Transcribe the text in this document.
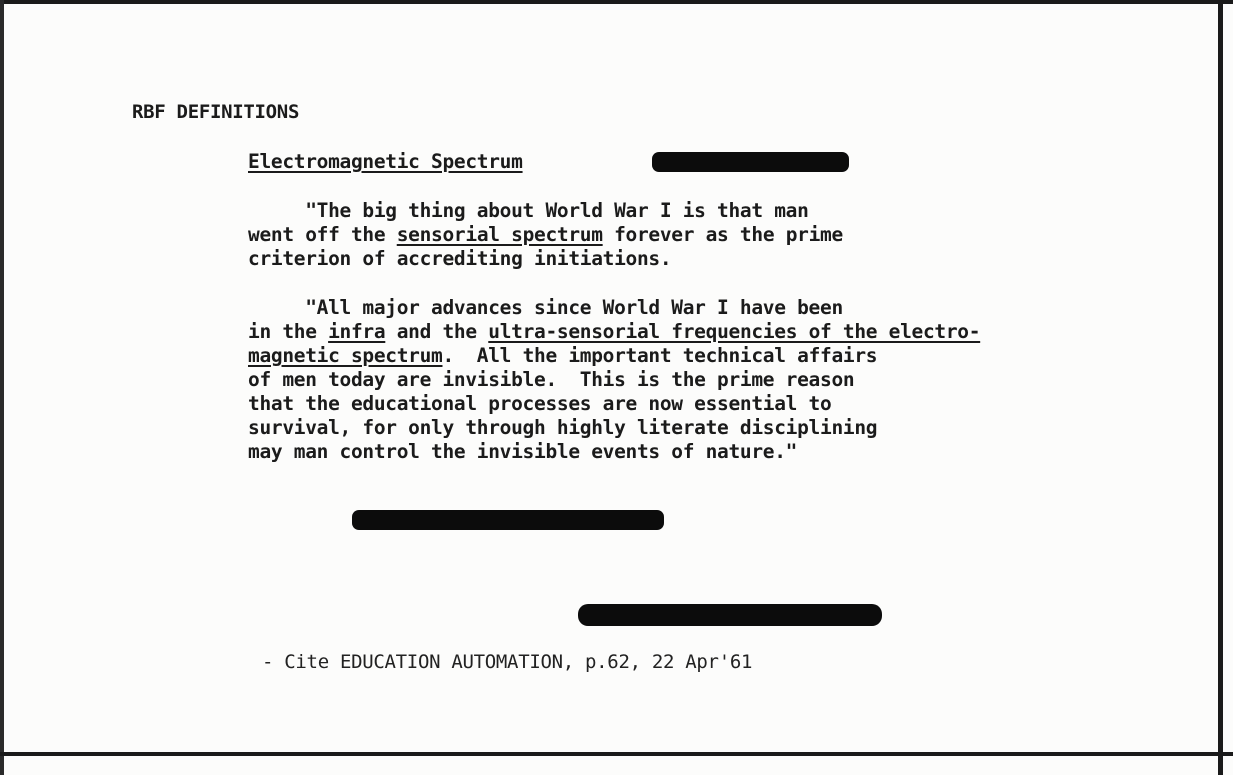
RBF DEFINITIONS
Electromagnetic Spectrum
"The big thing about World War I is that man
went off the sensorial spectrum forever as the prime
criterion of accrediting initiations.
"All major advances since World War I have been
in the infra and the ultra-sensorial frequencies of the electro-
magnetic spectrum.  All the important technical affairs
of men today are invisible.  This is the prime reason
that the educational processes are now essential to
survival, for only through highly literate disciplining
may man control the invisible events of nature."
- Cite EDUCATION AUTOMATION, p.62, 22 Apr'61
